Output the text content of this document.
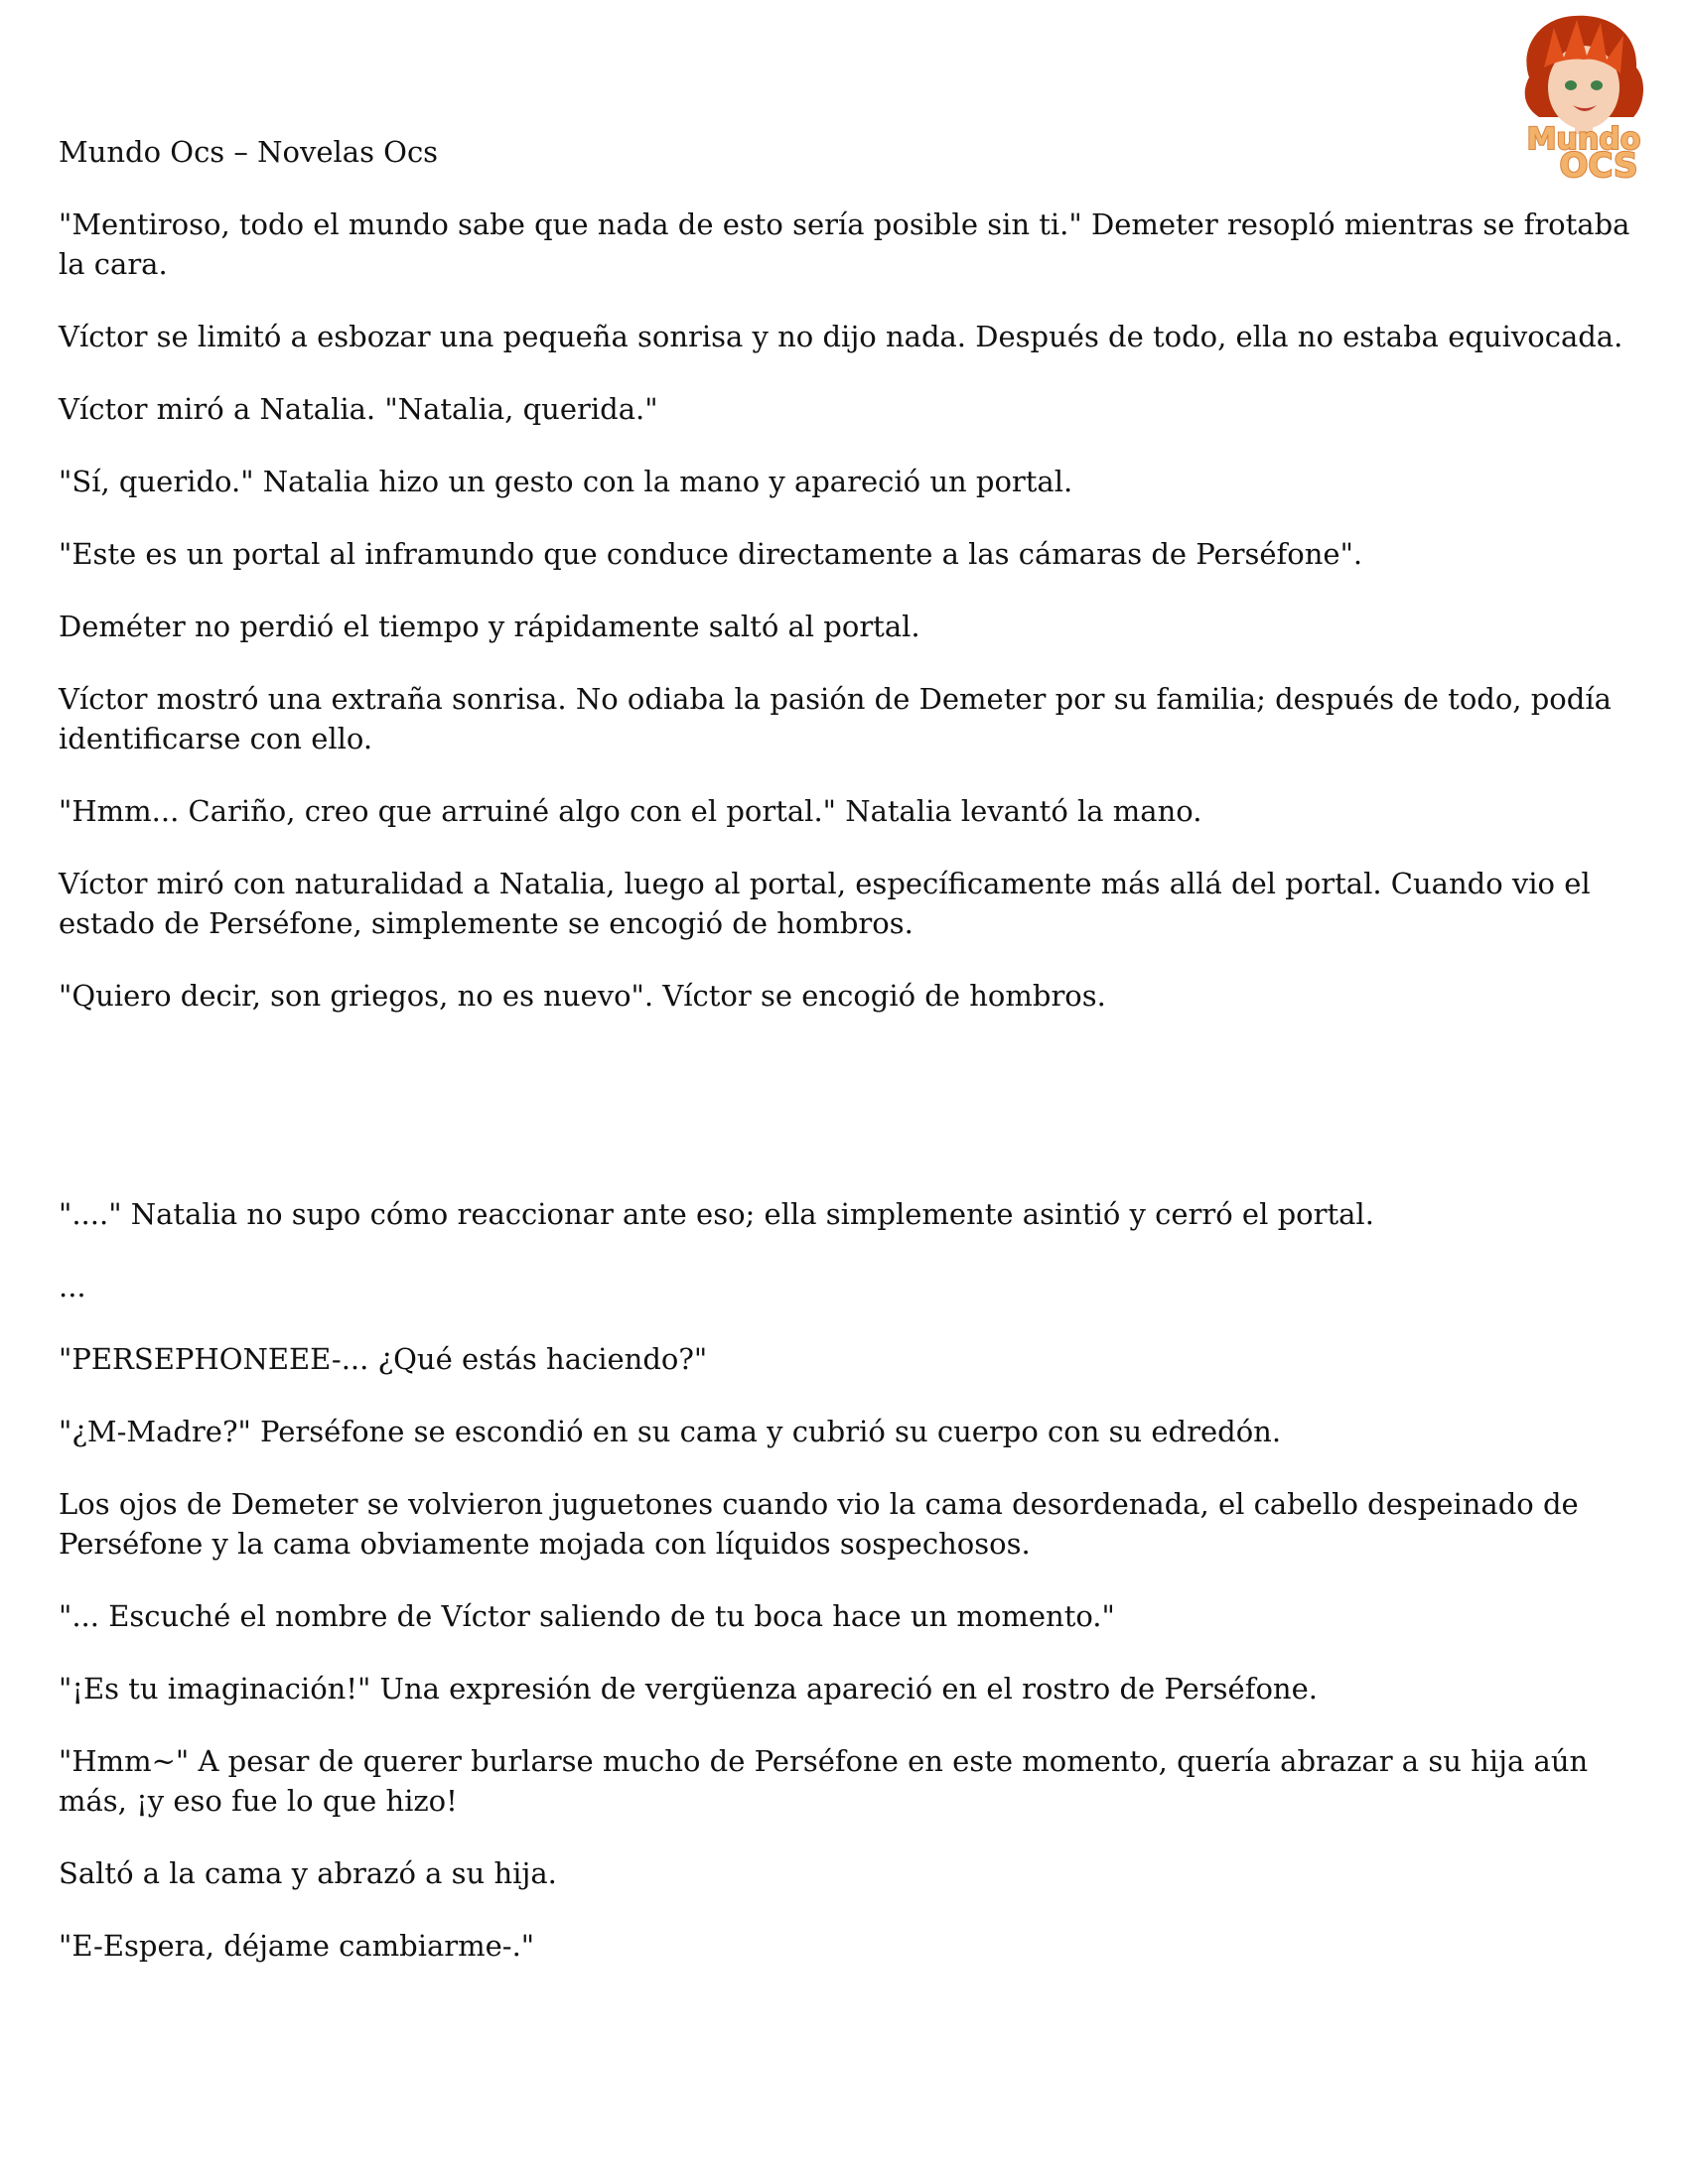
Mundo
OCS
Mundo Ocs – Novelas Ocs

"Mentiroso, todo el mundo sabe que nada de esto sería posible sin ti." Demeter resopló mientras se frotaba la cara.

Víctor se limitó a esbozar una pequeña sonrisa y no dijo nada. Después de todo, ella no estaba equivocada.

Víctor miró a Natalia. "Natalia, querida."

"Sí, querido." Natalia hizo un gesto con la mano y apareció un portal.

"Este es un portal al inframundo que conduce directamente a las cámaras de Perséfone".

Deméter no perdió el tiempo y rápidamente saltó al portal.

Víctor mostró una extraña sonrisa. No odiaba la pasión de Demeter por su familia; después de todo, podía identificarse con ello.

"Hmm... Cariño, creo que arruiné algo con el portal." Natalia levantó la mano.

Víctor miró con naturalidad a Natalia, luego al portal, específicamente más allá del portal. Cuando vio el estado de Perséfone, simplemente se encogió de hombros.

"Quiero decir, son griegos, no es nuevo". Víctor se encogió de hombros.

"...." Natalia no supo cómo reaccionar ante eso; ella simplemente asintió y cerró el portal.

...

"PERSEPHONEEE-... ¿Qué estás haciendo?"

"¿M-Madre?" Perséfone se escondió en su cama y cubrió su cuerpo con su edredón.

Los ojos de Demeter se volvieron juguetones cuando vio la cama desordenada, el cabello despeinado de Perséfone y la cama obviamente mojada con líquidos sospechosos.

"... Escuché el nombre de Víctor saliendo de tu boca hace un momento."

"¡Es tu imaginación!" Una expresión de vergüenza apareció en el rostro de Perséfone.

"Hmm~" A pesar de querer burlarse mucho de Perséfone en este momento, quería abrazar a su hija aún más, ¡y eso fue lo que hizo!

Saltó a la cama y abrazó a su hija.

"E-Espera, déjame cambiarme-."
